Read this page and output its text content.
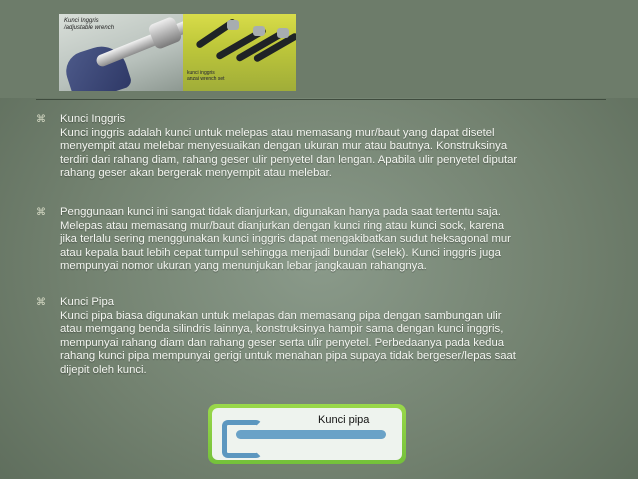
Kunci Inggris
/adjustable wrench
kunci inggris
anzai wrench set
⌘	Kunci Inggris
Kunci inggris adalah kunci untuk melepas atau memasang mur/baut yang dapat disetel
menyempit atau melebar menyesuaikan dengan ukuran mur atau bautnya. Konstruksinya
terdiri dari rahang diam, rahang geser ulir penyetel dan lengan. Apabila ulir penyetel diputar
rahang geser akan bergerak menyempit atau melebar.
⌘	Penggunaan kunci ini sangat tidak dianjurkan, digunakan hanya pada saat tertentu saja.
Melepas atau memasang mur/baut dianjurkan dengan kunci ring atau kunci sock, karena
jika terlalu sering menggunakan kunci inggris dapat mengakibatkan sudut heksagonal mur
atau kepala baut lebih cepat tumpul sehingga menjadi bundar (selek). Kunci inggris juga
mempunyai nomor ukuran yang menunjukan lebar jangkauan rahangnya.
⌘	Kunci Pipa
Kunci pipa biasa digunakan untuk melapas dan memasang pipa dengan sambungan ulir
atau memgang benda silindris lainnya, konstruksinya hampir sama dengan kunci inggris,
mempunyai rahang diam dan rahang geser serta ulir penyetel. Perbedaanya pada kedua
rahang kunci pipa mempunyai gerigi untuk menahan pipa supaya tidak bergeser/lepas saat
dijepit oleh kunci.
Kunci pipa
